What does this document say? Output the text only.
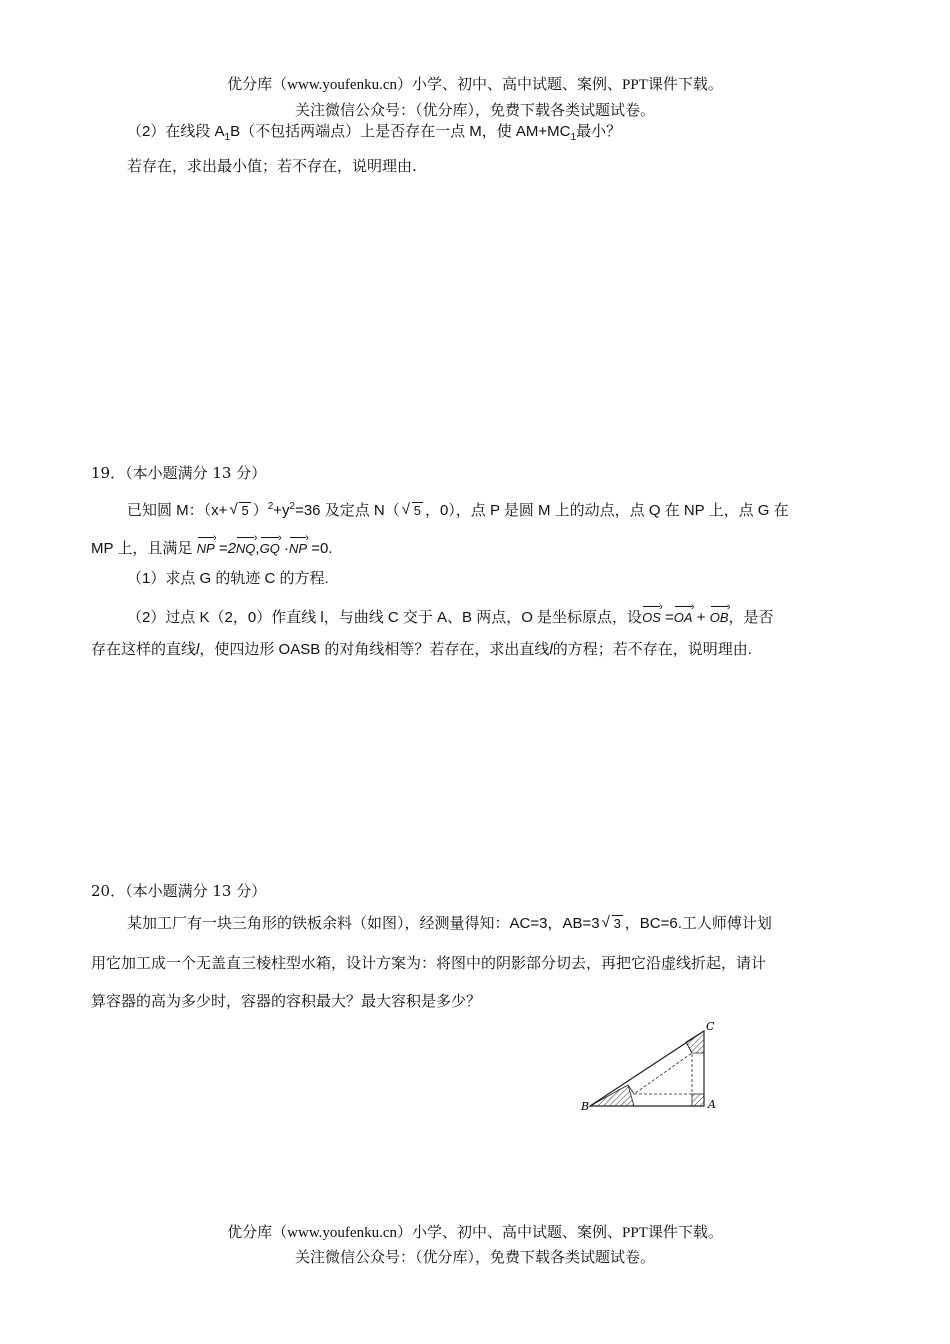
优分库（www.youfenku.cn）小学、初中、高中试题、案例、PPT课件下载。
关注微信公众号：（优分库），免费下载各类试题试卷。
（2）在线段 $A_1B$（不包括两端点）上是否存在一点 M，使 $AM+MC_1$最小？
若存在，求出最小值；若不存在，说明理由.
19．（本小题满分 13 分）
已知圆 M：（x+ √ 5 ）$^2+y^2=36$ 及定点 N（ √ 5 ，0），点 P 是圆 M 上的动点，点 Q 在 NP 上，点 G 在
MP 上，且满足 › NP =2› NQ,› GQ ·› NP =0.
（1）求点 G 的轨迹 C 的方程.
（2）过点 K（2，0）作直线 l，与曲线 C 交于 A、B 两点，O 是坐标原点，设› OS =› OA + › OB，是否
存在这样的直线l，使四边形 OASB 的对角线相等？若存在，求出直线l的方程；若不存在，说明理由.
20．（本小题满分 13 分）
某加工厂有一块三角形的铁板余料（如图），经测量得知：AC=3，AB=3 √ 3 ，BC=6.工人师傅计划
用它加工成一个无盖直三棱柱型水箱，设计方案为：将图中的阴影部分切去，再把它沿虚线折起，请计
算容器的高为多少时，容器的容积最大？最大容积是多少？
B	A
C
优分库（www.youfenku.cn）小学、初中、高中试题、案例、PPT课件下载。
关注微信公众号：（优分库），免费下载各类试题试卷。
